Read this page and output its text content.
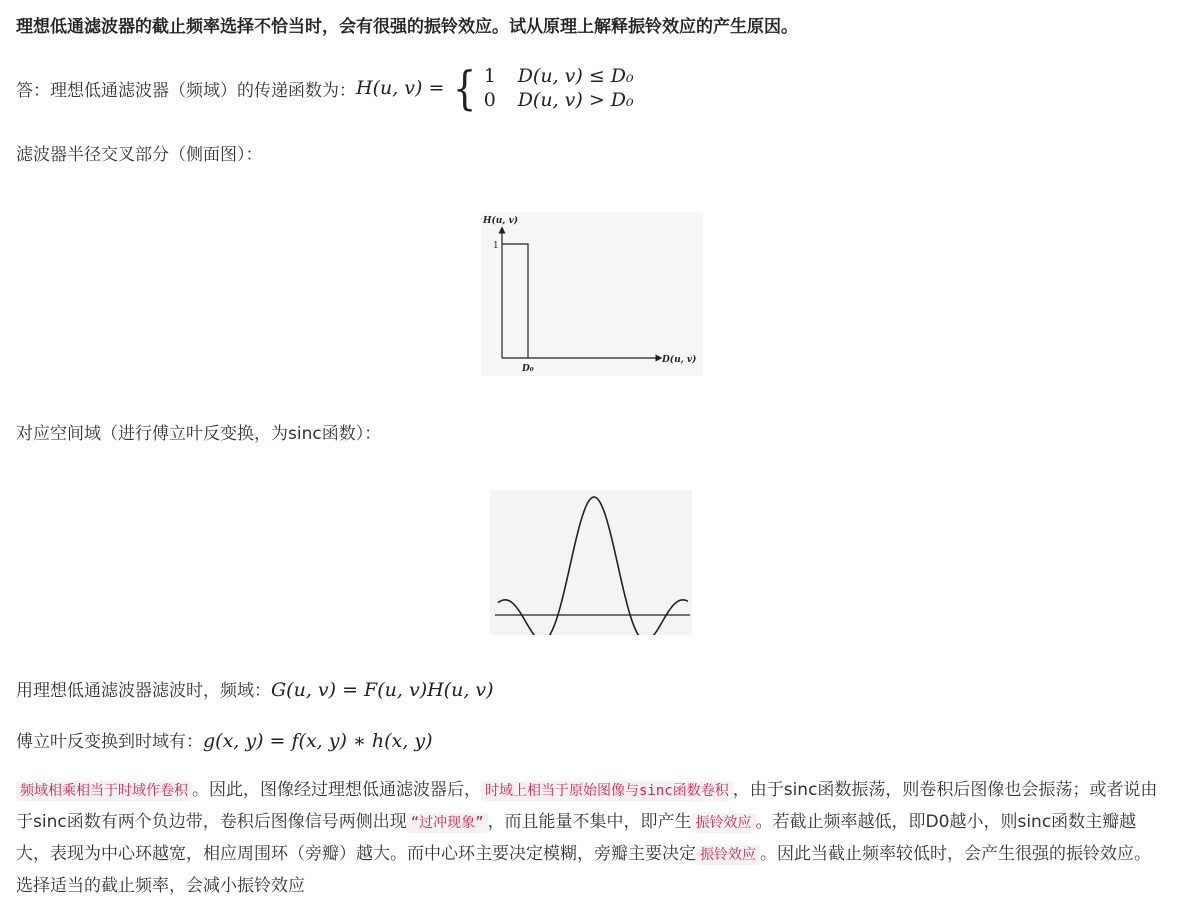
理想低通滤波器的截止频率选择不恰当时，会有很强的振铃效应。试从原理上解释振铃效应的产生原因。
答：理想低通滤波器（频域）的传递函数为： H(u, v) = { 1	D(u, v) ≤ D₀
0	D(u, v) > D₀
滤波器半径交叉部分（侧面图）：
H(u, v)
1
D₀
D(u, v)
对应空间域（进行傅立叶反变换，为sinc函数）：
用理想低通滤波器滤波时，频域：G(u, v) = F(u, v)H(u, v)
傅立叶反变换到时域有：g(x, y) = f(x, y) ∗ h(x, y)
频域相乘相当于时域作卷积 。因此，图像经过理想低通滤波器后， 时域上相当于原始图像与sinc函数卷积 ，由于sinc函数振荡，则卷积后图像也会振荡；或者说由于sinc函数有两个负边带，卷积后图像信号两侧出现 “过冲现象” ，而且能量不集中，即产生 振铃效应 。若截止频率越低，即D0越小，则sinc函数主瓣越大，表现为中心环越宽，相应周围环（旁瓣）越大。而中心环主要决定模糊，旁瓣主要决定 振铃效应 。因此当截止频率较低时，会产生很强的振铃效应。选择适当的截止频率，会减小振铃效应
